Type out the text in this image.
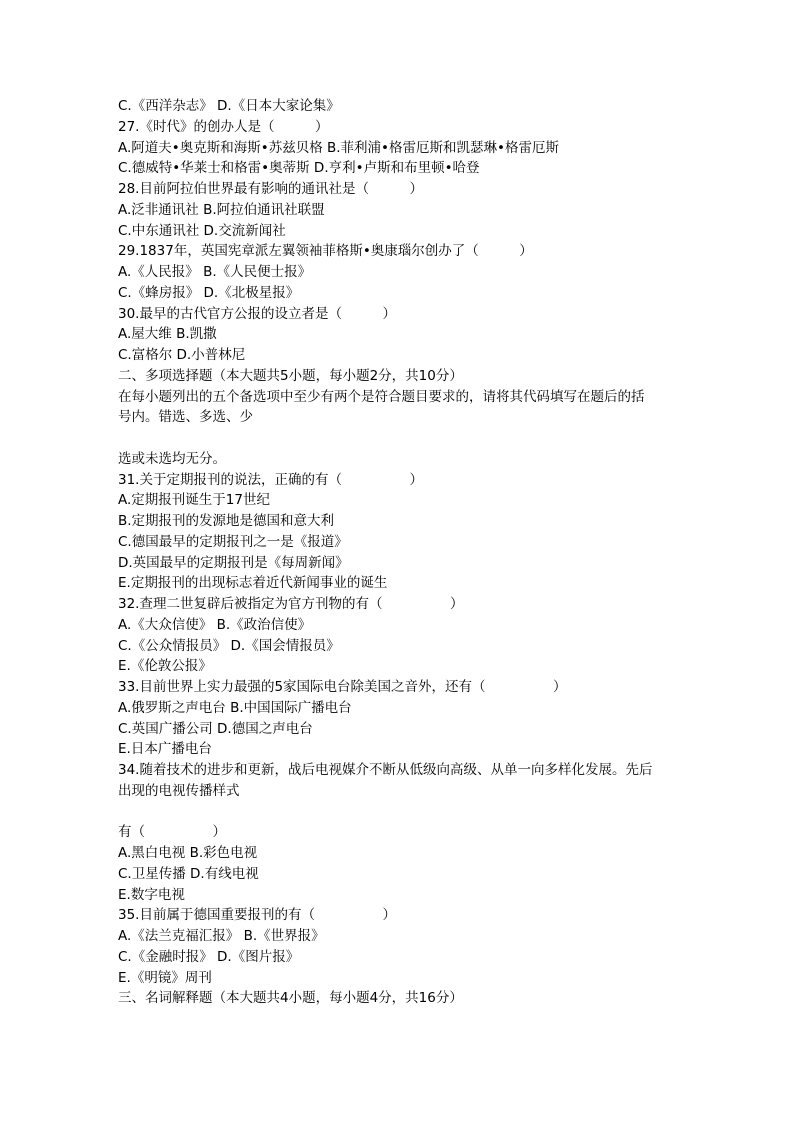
C.《西洋杂志》 D.《日本大家论集》
27.《时代》的创办人是（　　　）
A.阿道夫•奥克斯和海斯•苏兹贝格 B.菲利浦•格雷厄斯和凯瑟琳•格雷厄斯
C.德威特•华莱士和格雷•奥蒂斯 D.亨利•卢斯和布里顿•哈登
28.目前阿拉伯世界最有影响的通讯社是（　　　）
A.泛非通讯社 B.阿拉伯通讯社联盟
C.中东通讯社 D.交流新闻社
29.1837年，英国宪章派左翼领袖菲格斯•奥康瑙尔创办了（　　　）
A.《人民报》 B.《人民便士报》
C.《蜂房报》 D.《北极星报》
30.最早的古代官方公报的设立者是（　　　）
A.屋大维 B.凯撒
C.富格尔 D.小普林尼
二、多项选择题（本大题共5小题，每小题2分，共10分）
在每小题列出的五个备选项中至少有两个是符合题目要求的，请将其代码填写在题后的括
号内。错选、多选、少
选或未选均无分。
31.关于定期报刊的说法，正确的有（　　　　　）
A.定期报刊诞生于17世纪
B.定期报刊的发源地是德国和意大利
C.德国最早的定期报刊之一是《报道》
D.英国最早的定期报刊是《每周新闻》
E.定期报刊的出现标志着近代新闻事业的诞生
32.查理二世复辟后被指定为官方刊物的有（　　　　　）
A.《大众信使》 B.《政治信使》
C.《公众情报员》 D.《国会情报员》
E.《伦敦公报》
33.目前世界上实力最强的5家国际电台除美国之音外，还有（　　　　　）
A.俄罗斯之声电台 B.中国国际广播电台
C.英国广播公司 D.德国之声电台
E.日本广播电台
34.随着技术的进步和更新，战后电视媒介不断从低级向高级、从单一向多样化发展。先后
出现的电视传播样式
有（　　　　　）
A.黑白电视 B.彩色电视
C.卫星传播 D.有线电视
E.数字电视
35.目前属于德国重要报刊的有（　　　　　）
A.《法兰克福汇报》 B.《世界报》
C.《金融时报》 D.《图片报》
E.《明镜》周刊
三、名词解释题（本大题共4小题，每小题4分，共16分）
